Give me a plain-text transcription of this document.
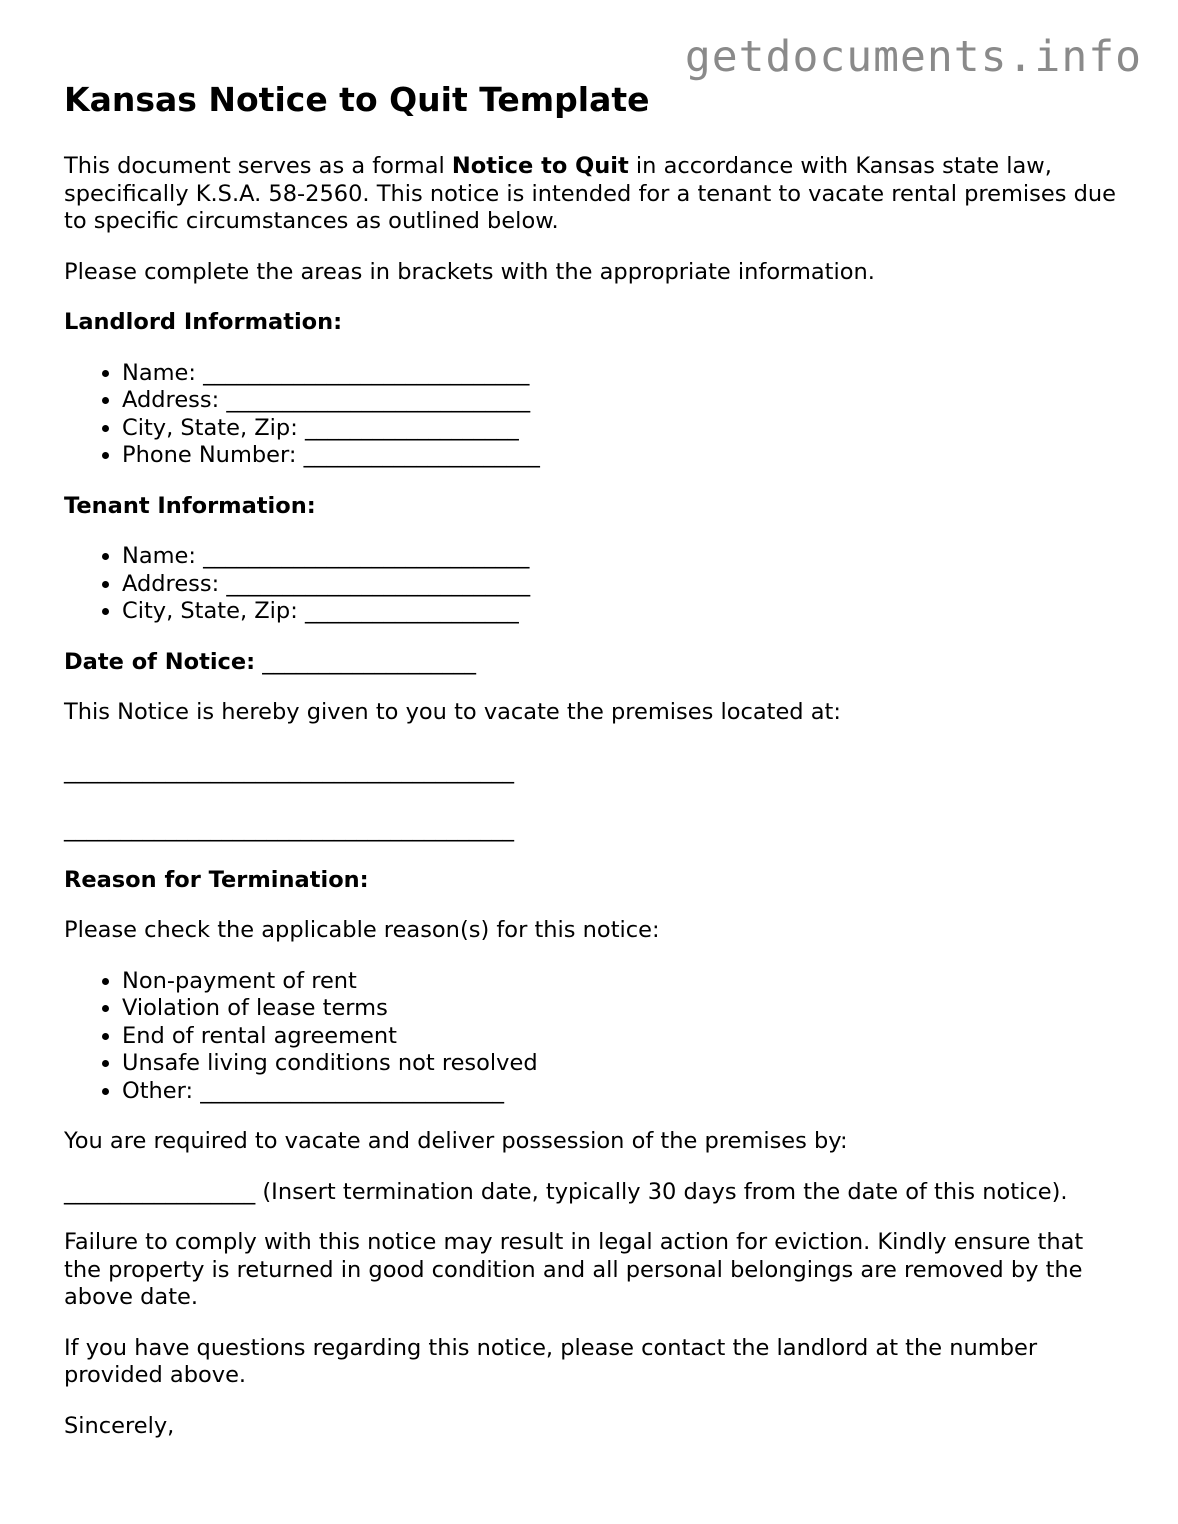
getdocuments.info
Kansas Notice to Quit Template

This document serves as a formal Notice to Quit in accordance with Kansas state law, specifically K.S.A. 58-2560. This notice is intended for a tenant to vacate rental premises due to specific circumstances as outlined below.

Please complete the areas in brackets with the appropriate information.

Landlord Information:
• Name: _____________________________
• Address: ___________________________
• City, State, Zip: ___________________
• Phone Number: _____________________
Tenant Information:
• Name: _____________________________
• Address: ___________________________
• City, State, Zip: ___________________

Date of Notice: ___________________

This Notice is hereby given to you to vacate the premises located at:

________________________________________

________________________________________

Reason for Termination:

Please check the applicable reason(s) for this notice:

• Non-payment of rent
• Violation of lease terms
• End of rental agreement
• Unsafe living conditions not resolved
• Other: ___________________________

You are required to vacate and deliver possession of the premises by:

_________________ (Insert termination date, typically 30 days from the date of this notice).

Failure to comply with this notice may result in legal action for eviction. Kindly ensure that the property is returned in good condition and all personal belongings are removed by the above date.

If you have questions regarding this notice, please contact the landlord at the number provided above.

Sincerely,
